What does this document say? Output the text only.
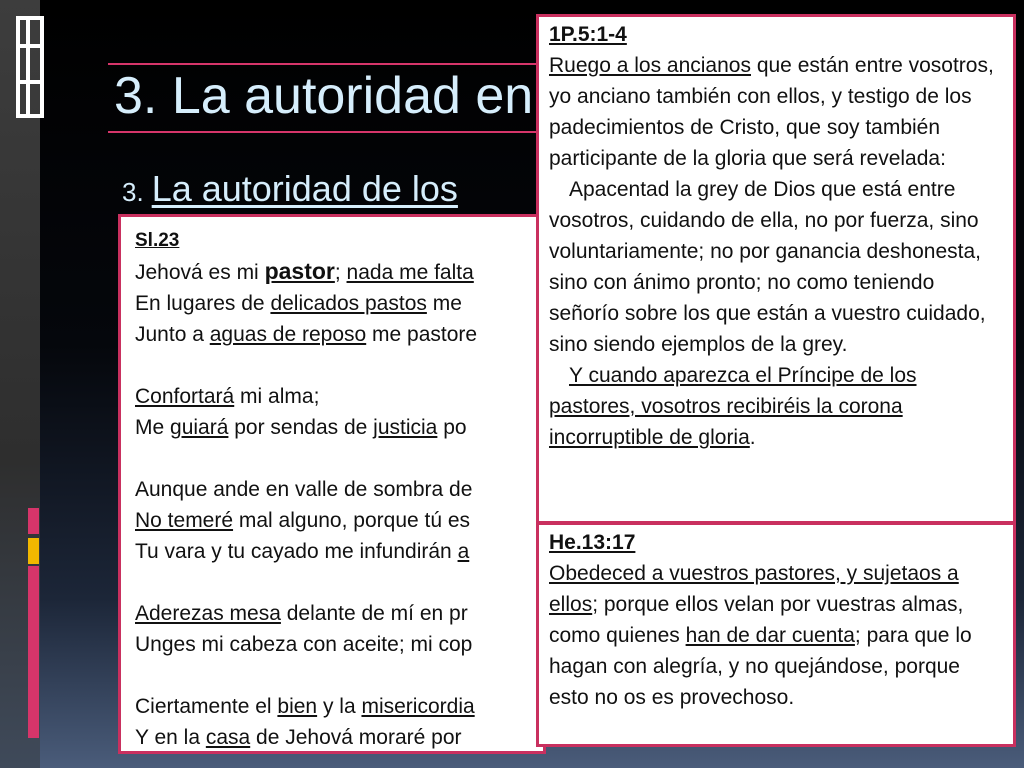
3. La autoridad en
3. La autoridad de los
Sl.23
Jehová es mi pastor; nada me falta
En lugares de delicados pastos me
Junto a aguas de reposo me pastore
Confortará mi alma;
Me guiará por sendas de justicia po
Aunque ande en valle de sombra de
No temeré mal alguno, porque tú es
Tu vara y tu cayado me infundirán a
Aderezas mesa delante de mí en pr
Unges mi cabeza con aceite; mi cop
Ciertamente el bien y la misericordia
Y en la casa de Jehová moraré por
1P.5:1-4
Ruego a los ancianos que están entre vosotros, yo anciano también con ellos, y testigo de los padecimientos de Cristo, que soy también participante de la gloria que será revelada:
Apacentad la grey de Dios que está entre vosotros, cuidando de ella, no por fuerza, sino voluntariamente; no por ganancia deshonesta, sino con ánimo pronto; no como teniendo señorío sobre los que están a vuestro cuidado, sino siendo ejemplos de la grey.
Y cuando aparezca el Príncipe de los pastores, vosotros recibiréis la corona incorruptible de gloria.
He.13:17
Obedeced a vuestros pastores, y sujetaos a ellos; porque ellos velan por vuestras almas, como quienes han de dar cuenta; para que lo hagan con alegría, y no quejándose, porque esto no os es provechoso.
